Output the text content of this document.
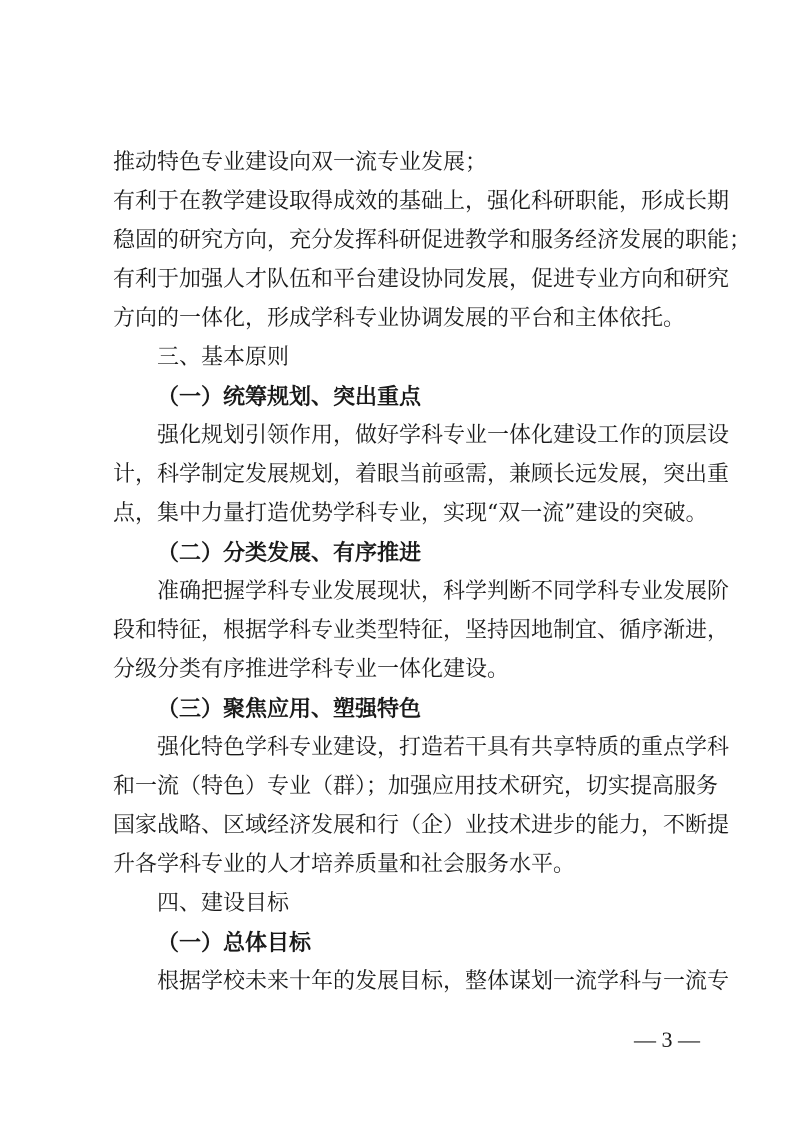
推动特色专业建设向双一流专业发展；
有利于在教学建设取得成效的基础上，强化科研职能，形成长期
稳固的研究方向，充分发挥科研促进教学和服务经济发展的职能；
有利于加强人才队伍和平台建设协同发展，促进专业方向和研究
方向的一体化，形成学科专业协调发展的平台和主体依托。
三、基本原则
（一）统筹规划、突出重点
强化规划引领作用，做好学科专业一体化建设工作的顶层设
计，科学制定发展规划，着眼当前亟需，兼顾长远发展，突出重
点，集中力量打造优势学科专业，实现“双一流”建设的突破。
（二）分类发展、有序推进
准确把握学科专业发展现状，科学判断不同学科专业发展阶
段和特征，根据学科专业类型特征，坚持因地制宜、循序渐进，
分级分类有序推进学科专业一体化建设。
（三）聚焦应用、塑强特色
强化特色学科专业建设，打造若干具有共享特质的重点学科
和一流（特色）专业（群）；加强应用技术研究，切实提高服务
国家战略、区域经济发展和行（企）业技术进步的能力，不断提
升各学科专业的人才培养质量和社会服务水平。
四、建设目标
（一）总体目标
根据学校未来十年的发展目标，整体谋划一流学科与一流专
— 3 —
